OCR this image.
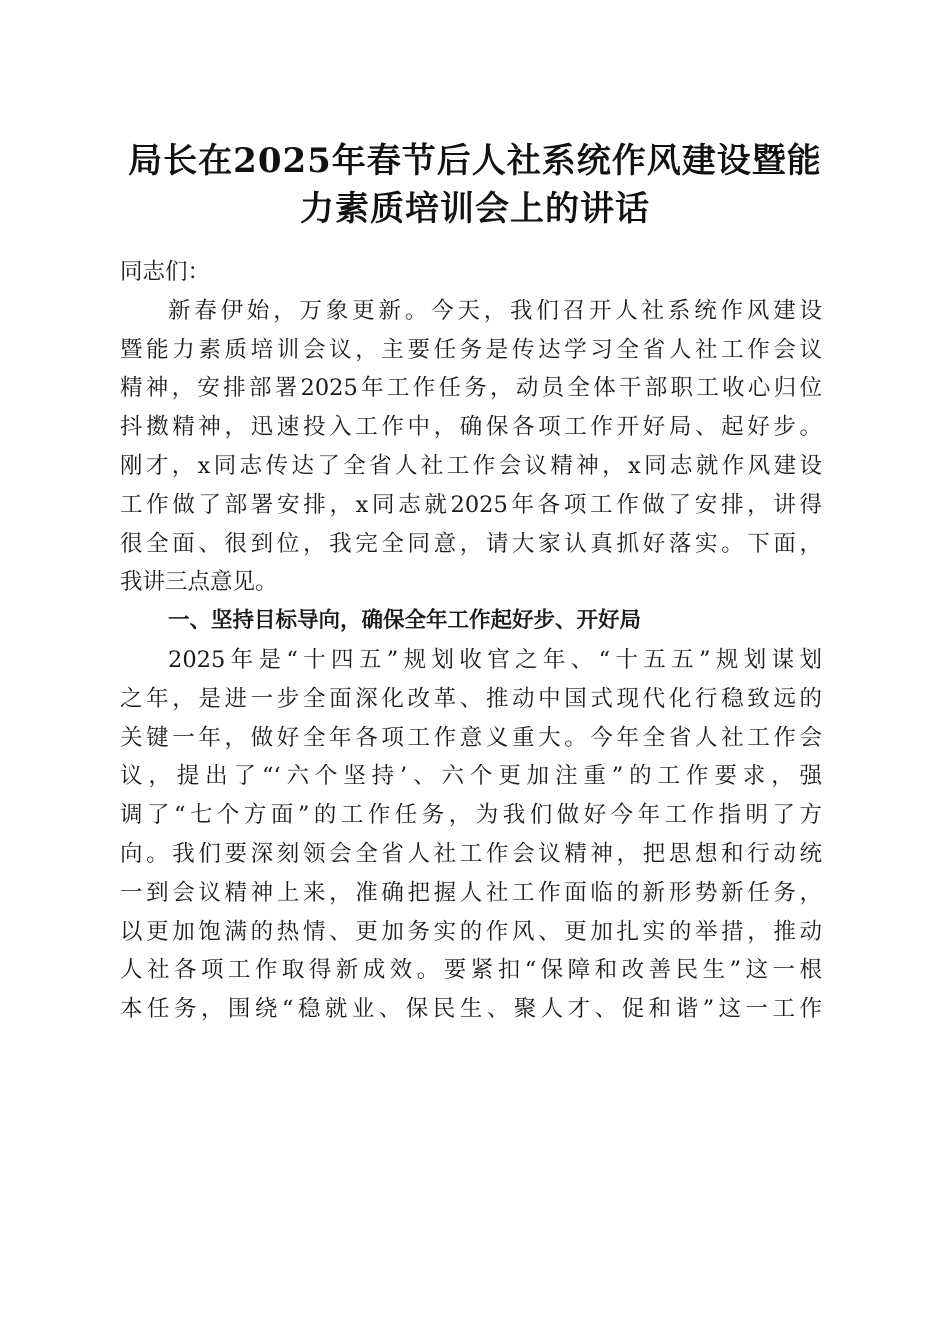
局长在2025年春节后人社系统作风建设暨能
力素质培训会上的讲话
同志们：
新春伊始，万象更新。今天，我们召开人社系统作风建设
暨能力素质培训会议，主要任务是传达学习全省人社工作会议
精神，安排部署2025年工作任务，动员全体干部职工收心归位
抖擞精神，迅速投入工作中，确保各项工作开好局、起好步。
刚才，x同志传达了全省人社工作会议精神，x同志就作风建设
工作做了部署安排，x同志就2025年各项工作做了安排，讲得
很全面、很到位，我完全同意，请大家认真抓好落实。下面，
我讲三点意见。
一、坚持目标导向，确保全年工作起好步、开好局
2025年是“十四五”规划收官之年、“十五五”规划谋划
之年，是进一步全面深化改革、推动中国式现代化行稳致远的
关键一年，做好全年各项工作意义重大。今年全省人社工作会
议，提出了“‘六个坚持’、六个更加注重”的工作要求，强
调了“七个方面”的工作任务，为我们做好今年工作指明了方
向。我们要深刻领会全省人社工作会议精神，把思想和行动统
一到会议精神上来，准确把握人社工作面临的新形势新任务，
以更加饱满的热情、更加务实的作风、更加扎实的举措，推动
人社各项工作取得新成效。要紧扣“保障和改善民生”这一根
本任务，围绕“稳就业、保民生、聚人才、促和谐”这一工作
